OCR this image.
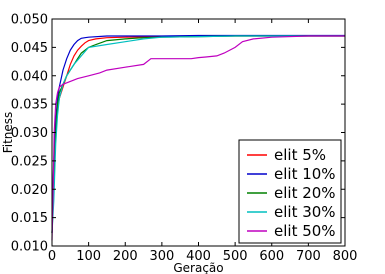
0 100 200 300 400 500 600 700 800
0.010
0.015
0.020
0.025
0.030
0.035
0.040
0.045
0.050
Geração
Fitness
elit 5%
elit 10%
elit 20%
elit 30%
elit 50%
